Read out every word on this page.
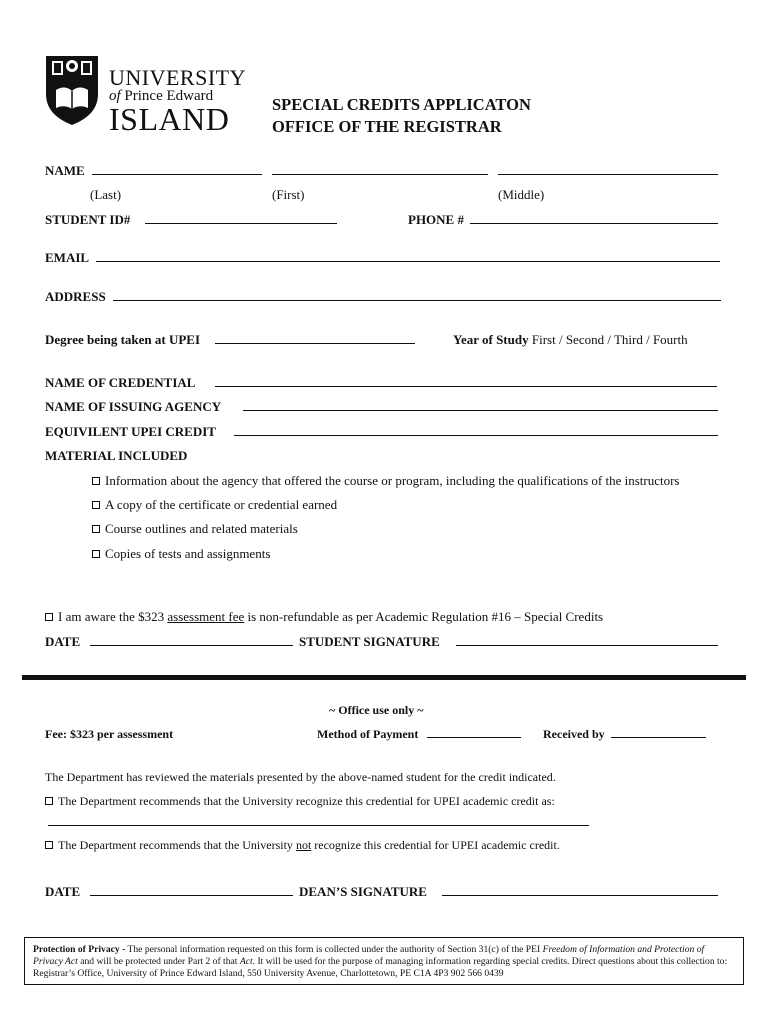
UNIVERSITY
of Prince Edward
ISLAND	SPECIAL CREDITS APPLICATON
OFFICE OF THE REGISTRAR
NAME
(Last)	(First)	(Middle)
STUDENT ID#	PHONE #
EMAIL
ADDRESS
Degree being taken at UPEI	Year of Study First / Second / Third / Fourth
NAME OF CREDENTIAL
NAME OF ISSUING AGENCY
EQUIVILENT UPEI CREDIT
MATERIAL INCLUDED
Information about the agency that offered the course or program, including the qualifications of the instructors
A copy of the certificate or credential earned
Course outlines and related materials
Copies of tests and assignments
I am aware the $323 assessment fee is non-refundable as per Academic Regulation #16 – Special Credits
DATE	STUDENT SIGNATURE
~ Office use only ~
Fee: $323 per assessment	Method of Payment	Received by
The Department has reviewed the materials presented by the above-named student for the credit indicated.
The Department recommends that the University recognize this credential for UPEI academic credit as:
The Department recommends that the University not recognize this credential for UPEI academic credit.
DATE	DEAN’S SIGNATURE
Protection of Privacy - The personal information requested on this form is collected under the authority of Section 31(c) of the PEI Freedom of Information and Protection of Privacy Act and will be protected under Part 2 of that Act. It will be used for the purpose of managing information regarding special credits. Direct questions about this collection to: Registrar’s Office, University of Prince Edward Island, 550 University Avenue, Charlottetown, PE C1A 4P3 902 566 0439
